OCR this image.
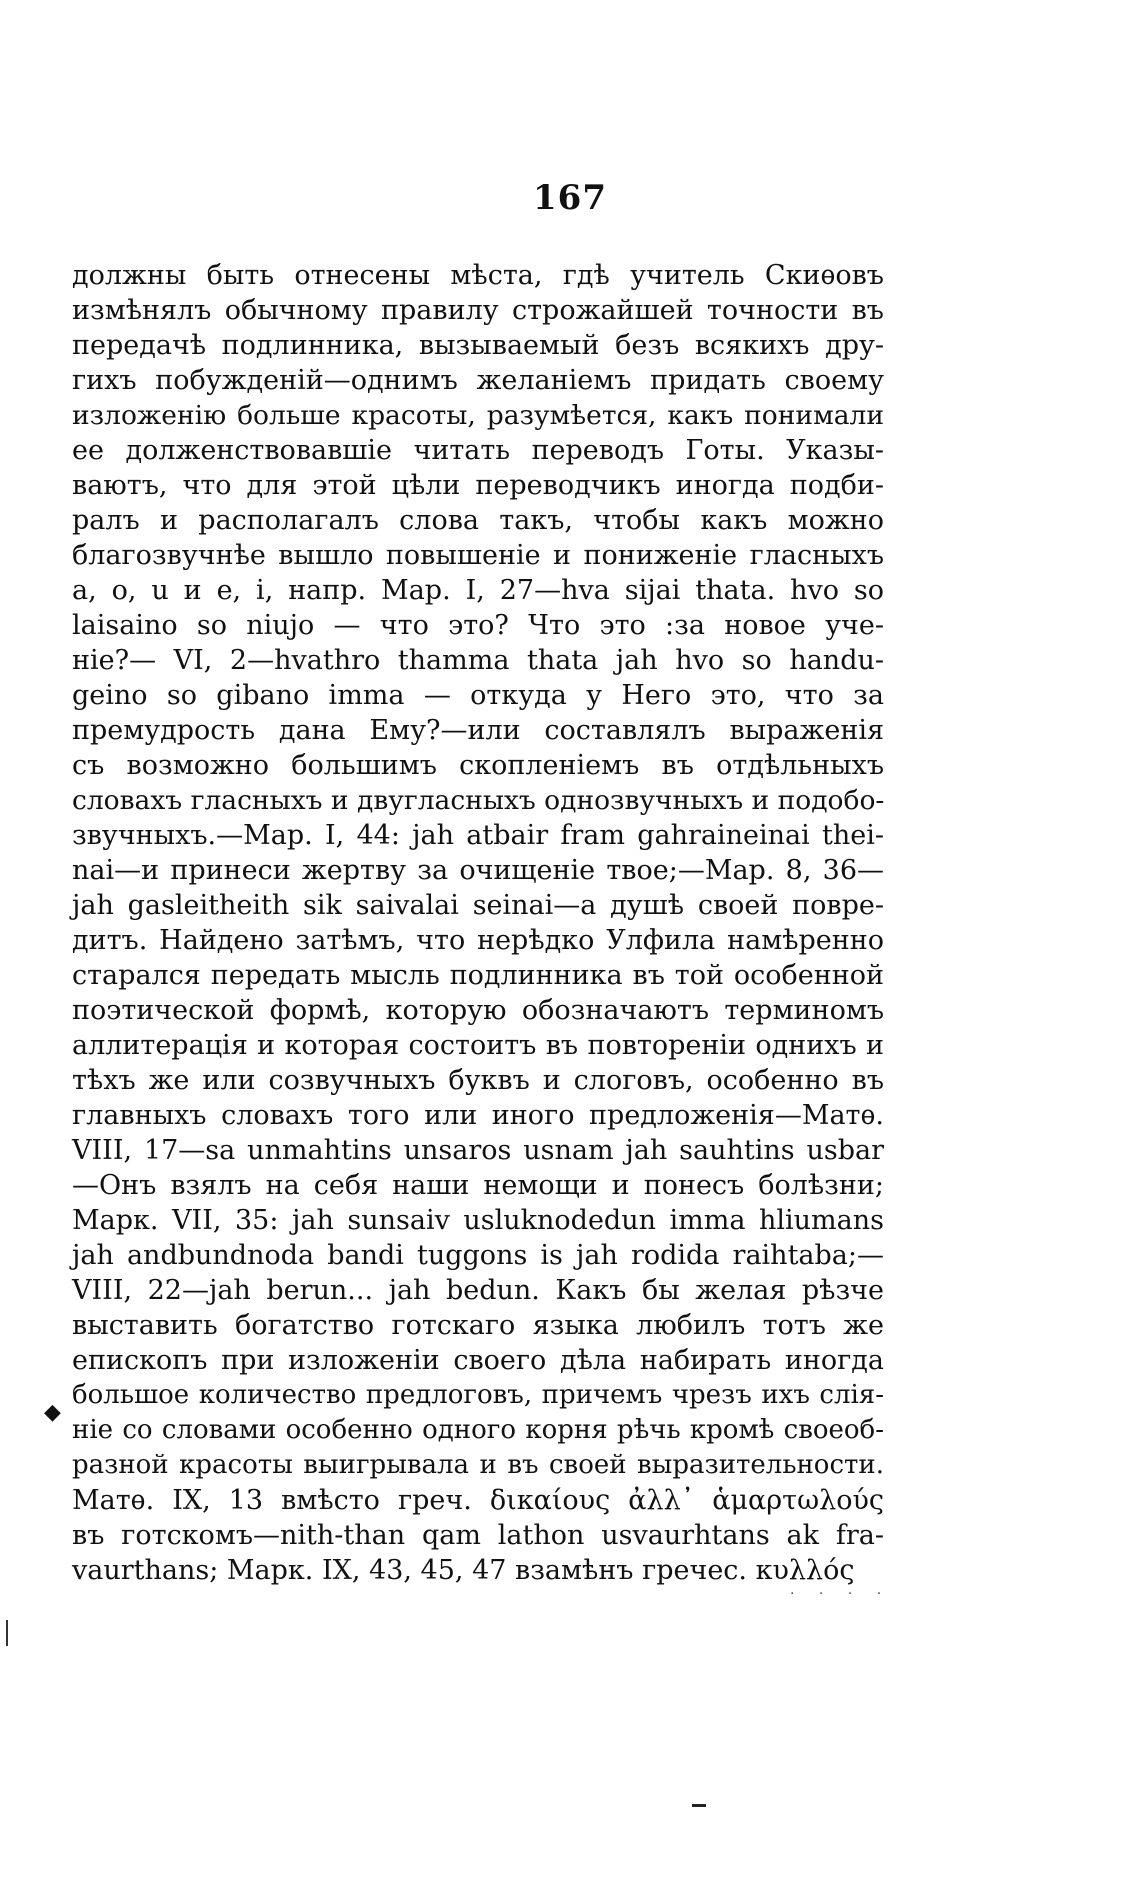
167
должны быть отнесены мѣста, гдѣ учитель Скиѳовъ
измѣнялъ обычному правилу строжайшей точности въ
передачѣ подлинника, вызываемый безъ всякихъ дру-
гихъ побужденій—однимъ желаніемъ придать своему
изложенію больше красоты, разумѣется, какъ понимали
ее долженствовавшіе читать переводъ Готы. Указы-
ваютъ, что для этой цѣли переводчикъ иногда подби-
ралъ и располагалъ слова такъ, чтобы какъ можно
благозвучнѣе вышло повышеніе и пониженіе гласныхъ
a, o, u и e, i, напр. Мар. I, 27—hva sijai thata. hvo so
laisaino so niujo — что это? Что это :за новое уче-
ніе?— VI, 2—hvathro thamma thata jah hvo so handu-
geino so gibano imma — откуда у Него это, что за
премудрость дана Ему?—или составлялъ выраженія
съ возможно большимъ скопленіемъ въ отдѣльныхъ
словахъ гласныхъ и двугласныхъ однозвучныхъ и подобо-
звучныхъ.—Мар. I, 44: jah atbair fram gahraineinai thei-
nai—и принеси жертву за очищеніе твое;—Мар. 8, 36—
jah gasleitheith sik saivalai seinai—а душѣ своей повре-
дитъ. Найдено затѣмъ, что нерѣдко Улфила намѣренно
старался передать мысль подлинника въ той особенной
поэтической формѣ, которую обозначаютъ терминомъ
аллитерація и которая состоитъ въ повтореніи однихъ и
тѣхъ же или созвучныхъ буквъ и слоговъ, особенно въ
главныхъ словахъ того или иного предложенія—Матѳ.
VIII, 17—sa unmahtins unsaros usnam jah sauhtins usbar
—Онъ взялъ на себя наши немощи и понесъ болѣзни;
Марк. VII, 35: jah sunsaiv usluknodedun imma hliumans
jah andbundnoda bandi tuggons is jah rodida raihtaba;—
VIII, 22—jah berun... jah bedun. Какъ бы желая рѣзче
выставить богатство готскаго языка любилъ тотъ же
епископъ при изложеніи своего дѣла набирать иногда
большое количество предлоговъ, причемъ чрезъ ихъ слія-
ніе со словами особенно одного корня рѣчь кромѣ своеоб-
разной красоты выигрывала и въ своей выразительности.
Матѳ. IX, 13 вмѣсто греч. δικαίους ἀλλ᾽ ἁμαρτωλούς
въ готскомъ—nith-than qam lathon usvaurhtans ak fra-
vaurthans; Марк. IX, 43, 45, 47 взамѣнъ гречес. κυλλός
◆
. . . .
